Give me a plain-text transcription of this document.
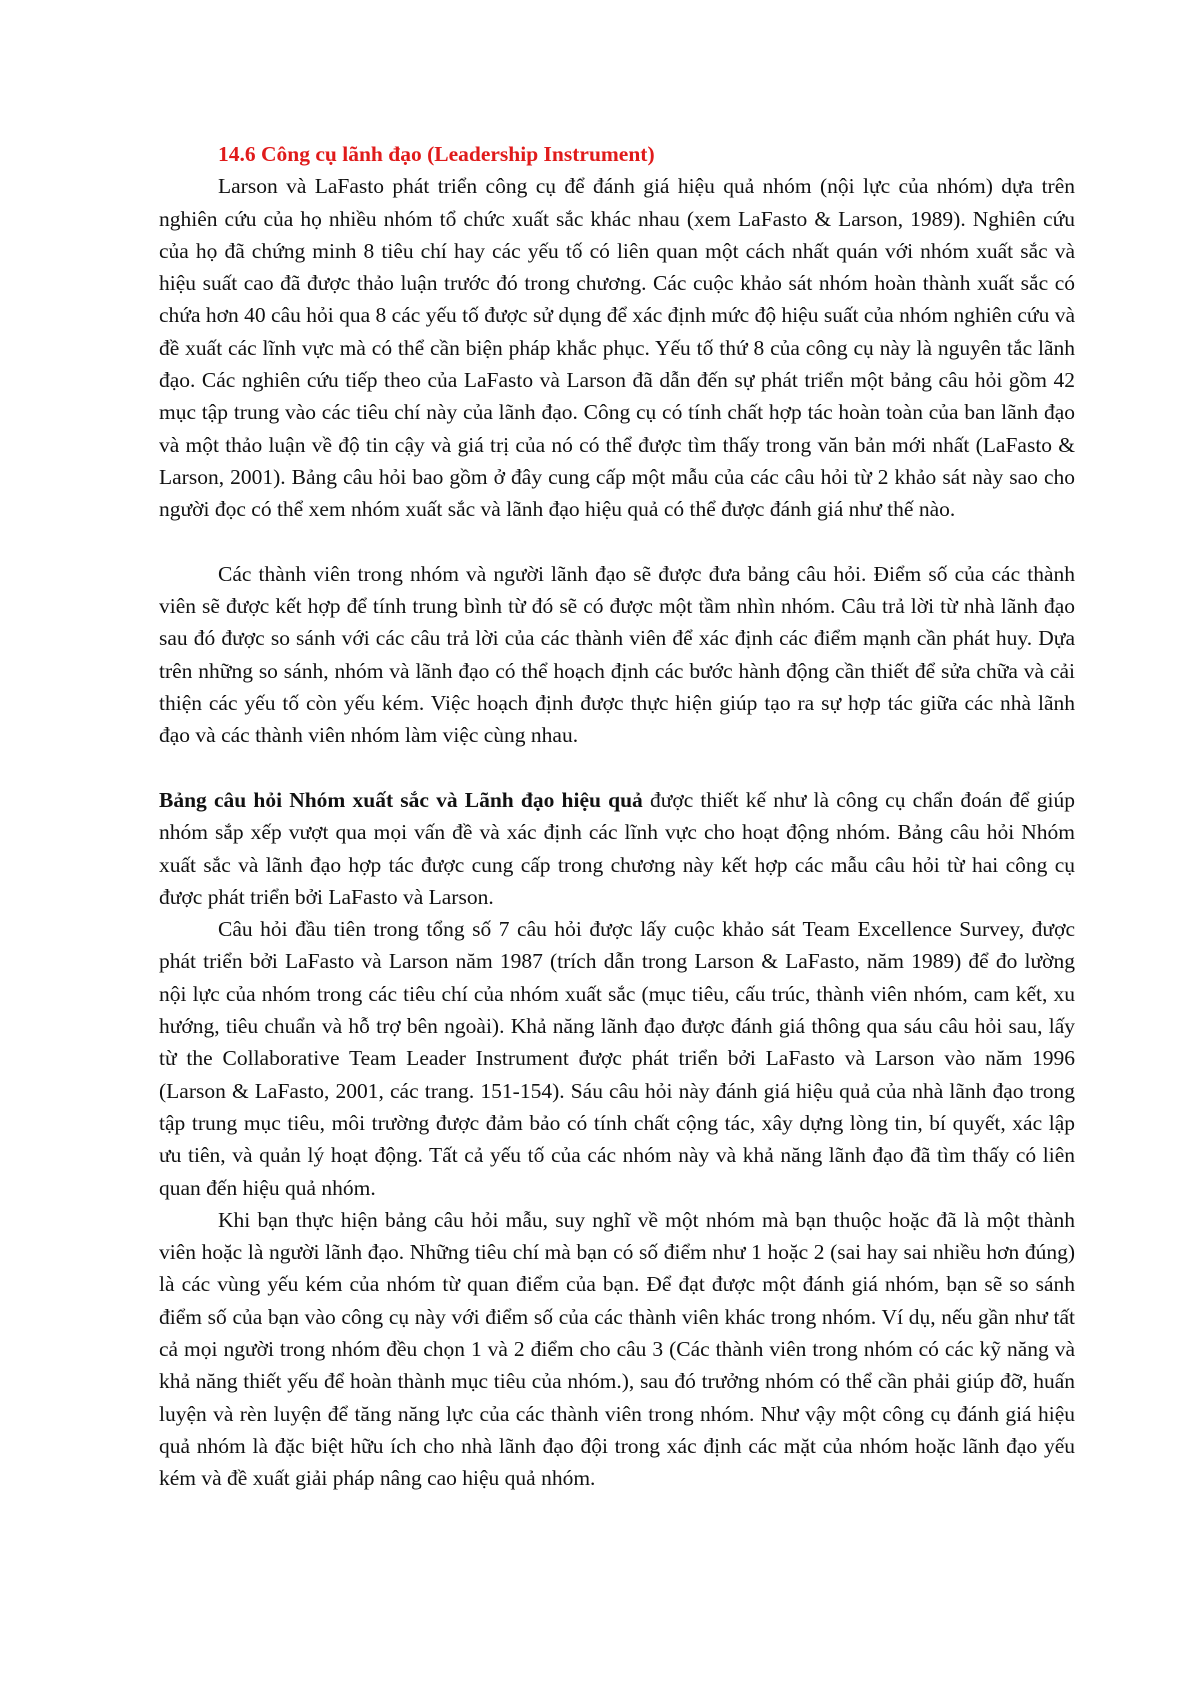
14.6 Công cụ lãnh đạo (Leadership Instrument)

Larson và LaFasto phát triển công cụ để đánh giá hiệu quả nhóm (nội lực của nhóm) dựa trên nghiên cứu của họ nhiều nhóm tổ chức xuất sắc khác nhau (xem LaFasto & Larson, 1989). Nghiên cứu của họ đã chứng minh 8 tiêu chí hay các yếu tố có liên quan một cách nhất quán với nhóm xuất sắc và hiệu suất cao đã được thảo luận trước đó trong chương. Các cuộc khảo sát nhóm hoàn thành xuất sắc có chứa hơn 40 câu hỏi qua 8 các yếu tố được sử dụng để xác định mức độ hiệu suất của nhóm nghiên cứu và đề xuất các lĩnh vực mà có thể cần biện pháp khắc phục. Yếu tố thứ 8 của công cụ này là nguyên tắc lãnh đạo. Các nghiên cứu tiếp theo của LaFasto và Larson đã dẫn đến sự phát triển một bảng câu hỏi gồm 42 mục tập trung vào các tiêu chí này của lãnh đạo. Công cụ có tính chất hợp tác hoàn toàn của ban lãnh đạo và một thảo luận về độ tin cậy và giá trị của nó có thể được tìm thấy trong văn bản mới nhất (LaFasto & Larson, 2001). Bảng câu hỏi bao gồm ở đây cung cấp một mẫu của các câu hỏi từ 2 khảo sát này sao cho người đọc có thể xem nhóm xuất sắc và lãnh đạo hiệu quả có thể được đánh giá như thế nào.

Các thành viên trong nhóm và người lãnh đạo sẽ được đưa bảng câu hỏi. Điểm số của các thành viên sẽ được kết hợp để tính trung bình từ đó sẽ có được một tầm nhìn nhóm. Câu trả lời từ nhà lãnh đạo sau đó được so sánh với các câu trả lời của các thành viên để xác định các điểm mạnh cần phát huy. Dựa trên những so sánh, nhóm và lãnh đạo có thể hoạch định các bước hành động cần thiết để sửa chữa và cải thiện các yếu tố còn yếu kém. Việc hoạch định được thực hiện giúp tạo ra sự hợp tác giữa các nhà lãnh đạo và các thành viên nhóm làm việc cùng nhau.

Bảng câu hỏi Nhóm xuất sắc và Lãnh đạo hiệu quả được thiết kế như là công cụ chẩn đoán để giúp nhóm sắp xếp vượt qua mọi vấn đề và xác định các lĩnh vực cho hoạt động nhóm. Bảng câu hỏi Nhóm xuất sắc và lãnh đạo hợp tác được cung cấp trong chương này kết hợp các mẫu câu hỏi từ hai công cụ được phát triển bởi LaFasto và Larson.

Câu hỏi đầu tiên trong tổng số 7 câu hỏi được lấy cuộc khảo sát Team Excellence Survey, được phát triển bởi LaFasto và Larson năm 1987 (trích dẫn trong Larson & LaFasto, năm 1989) để đo lường nội lực của nhóm trong các tiêu chí của nhóm xuất sắc (mục tiêu, cấu trúc, thành viên nhóm, cam kết, xu hướng, tiêu chuẩn và hỗ trợ bên ngoài). Khả năng lãnh đạo được đánh giá thông qua sáu câu hỏi sau, lấy từ the Collaborative Team Leader Instrument được phát triển bởi LaFasto và Larson vào năm 1996 (Larson & LaFasto, 2001, các trang. 151-154). Sáu câu hỏi này đánh giá hiệu quả của nhà lãnh đạo trong tập trung mục tiêu, môi trường được đảm bảo có tính chất cộng tác, xây dựng lòng tin, bí quyết, xác lập ưu tiên, và quản lý hoạt động. Tất cả yếu tố của các nhóm này và khả năng lãnh đạo đã tìm thấy có liên quan đến hiệu quả nhóm.

Khi bạn thực hiện bảng câu hỏi mẫu, suy nghĩ về một nhóm mà bạn thuộc hoặc đã là một thành viên hoặc là người lãnh đạo. Những tiêu chí mà bạn có số điểm như 1 hoặc 2 (sai hay sai nhiều hơn đúng) là các vùng yếu kém của nhóm từ quan điểm của bạn. Để đạt được một đánh giá nhóm, bạn sẽ so sánh điểm số của bạn vào công cụ này với điểm số của các thành viên khác trong nhóm. Ví dụ, nếu gần như tất cả mọi người trong nhóm đều chọn 1 và 2 điểm cho câu 3 (Các thành viên trong nhóm có các kỹ năng và khả năng thiết yếu để hoàn thành mục tiêu của nhóm.), sau đó trưởng nhóm có thể cần phải giúp đỡ, huấn luyện và rèn luyện để tăng năng lực của các thành viên trong nhóm. Như vậy một công cụ đánh giá hiệu quả nhóm là đặc biệt hữu ích cho nhà lãnh đạo đội trong xác định các mặt của nhóm hoặc lãnh đạo yếu kém và đề xuất giải pháp nâng cao hiệu quả nhóm.
